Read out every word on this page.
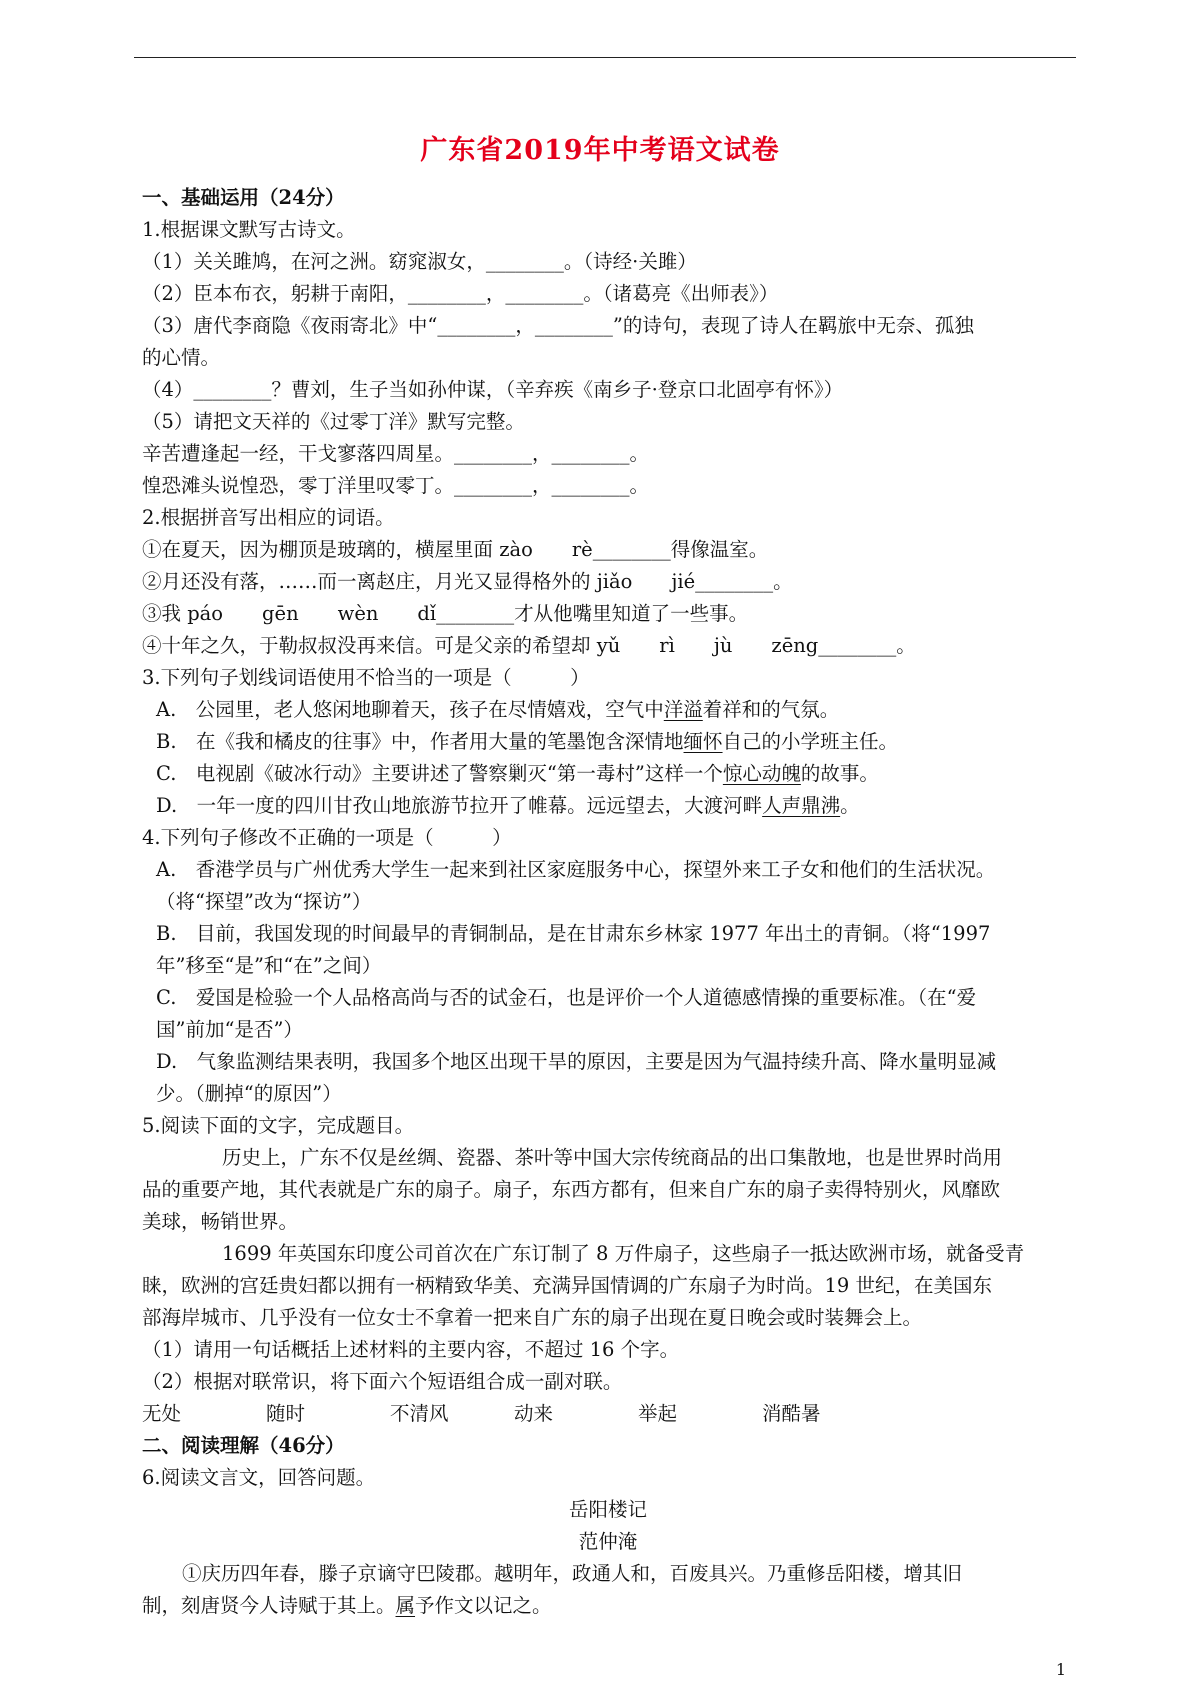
广东省2019年中考语文试卷
一、基础运用（24分）
1.根据课文默写古诗文。
（1）关关雎鸠，在河之洲。窈窕淑女，________。（诗经·关雎）
（2）臣本布衣，躬耕于南阳，________，________。（诸葛亮《出师表》）
（3）唐代李商隐《夜雨寄北》中“________，________”的诗句，表现了诗人在羁旅中无奈、孤独
的心情。
（4）________？曹刘，生子当如孙仲谋，（辛弃疾《南乡子·登京口北固亭有怀》）
（5）请把文天祥的《过零丁洋》默写完整。
辛苦遭逢起一经，干戈寥落四周星。________，________。
惶恐滩头说惶恐，零丁洋里叹零丁。________，________。
2.根据拼音写出相应的词语。
①在夏天，因为棚顶是玻璃的，横屋里面 zào　　rè________得像温室。
②月还没有落，……而一离赵庄，月光又显得格外的 jiǎo　　jié________。
③我 páo　　gēn　　wèn　　dǐ________才从他嘴里知道了一些事。
④十年之久，于勒叔叔没再来信。可是父亲的希望却 yǔ　　rì　　jù　　zēng________。
3.下列句子划线词语使用不恰当的一项是（　　　）
A.　公园里，老人悠闲地聊着天，孩子在尽情嬉戏，空气中洋溢着祥和的气氛。
B.　在《我和橘皮的往事》中，作者用大量的笔墨饱含深情地缅怀自己的小学班主任。
C.　电视剧《破冰行动》主要讲述了警察剿灭“第一毒村”这样一个惊心动魄的故事。
D.　一年一度的四川甘孜山地旅游节拉开了帷幕。远远望去，大渡河畔人声鼎沸。
4.下列句子修改不正确的一项是（　　　）
A.　香港学员与广州优秀大学生一起来到社区家庭服务中心，探望外来工子女和他们的生活状况。
（将“探望”改为“探访”）
B.　目前，我国发现的时间最早的青铜制品，是在甘肃东乡林家 1977 年出土的青铜。（将“1997
年”移至“是”和“在”之间）
C.　爱国是检验一个人品格高尚与否的试金石，也是评价一个人道德感情操的重要标准。（在“爱
国”前加“是否”）
D.　气象监测结果表明，我国多个地区出现干旱的原因，主要是因为气温持续升高、降水量明显减
少。（删掉“的原因”）
5.阅读下面的文字，完成题目。
历史上，广东不仅是丝绸、瓷器、茶叶等中国大宗传统商品的出口集散地，也是世界时尚用
品的重要产地，其代表就是广东的扇子。扇子，东西方都有，但来自广东的扇子卖得特别火，风靡欧
美球，畅销世界。
1699 年英国东印度公司首次在广东订制了 8 万件扇子，这些扇子一抵达欧洲市场，就备受青
睐，欧洲的宫廷贵妇都以拥有一柄精致华美、充满异国情调的广东扇子为时尚。19 世纪，在美国东
部海岸城市、几乎没有一位女士不拿着一把来自广东的扇子出现在夏日晚会或时装舞会上。
（1）请用一句话概括上述材料的主要内容，不超过 16 个字。
（2）根据对联常识，将下面六个短语组合成一副对联。
无处	随时	不清风	动来	举起	消酷暑
二、阅读理解（46分）
6.阅读文言文，回答问题。
岳阳楼记
范仲淹
①庆历四年春，滕子京谪守巴陵郡。越明年，政通人和，百废具兴。乃重修岳阳楼，增其旧
制，刻唐贤今人诗赋于其上。属予作文以记之。
1
